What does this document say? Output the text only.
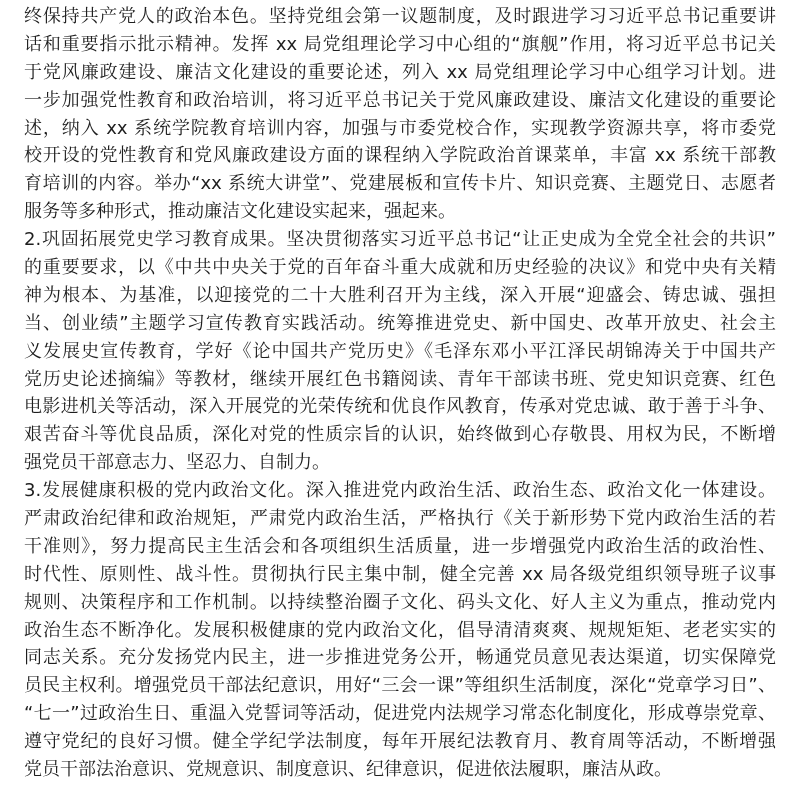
终保持共产党人的政治本色。坚持党组会第一议题制度，及时跟进学习习近平总书记重要讲
话和重要指示批示精神。发挥 xx 局党组理论学习中心组的“旗舰”作用，将习近平总书记关
于党风廉政建设、廉洁文化建设的重要论述，列入 xx 局党组理论学习中心组学习计划。进
一步加强党性教育和政治培训，将习近平总书记关于党风廉政建设、廉洁文化建设的重要论
述，纳入 xx 系统学院教育培训内容，加强与市委党校合作，实现教学资源共享，将市委党
校开设的党性教育和党风廉政建设方面的课程纳入学院政治首课菜单，丰富 xx 系统干部教
育培训的内容。举办“xx 系统大讲堂”、党建展板和宣传卡片、知识竞赛、主题党日、志愿者
服务等多种形式，推动廉洁文化建设实起来，强起来。
2.巩固拓展党史学习教育成果。坚决贯彻落实习近平总书记“让正史成为全党全社会的共识”
的重要要求，以《中共中央关于党的百年奋斗重大成就和历史经验的决议》和党中央有关精
神为根本、为基准，以迎接党的二十大胜利召开为主线，深入开展“迎盛会、铸忠诚、强担
当、创业绩”主题学习宣传教育实践活动。统筹推进党史、新中国史、改革开放史、社会主
义发展史宣传教育，学好《论中国共产党历史》《毛泽东邓小平江泽民胡锦涛关于中国共产
党历史论述摘编》等教材，继续开展红色书籍阅读、青年干部读书班、党史知识竞赛、红色
电影进机关等活动，深入开展党的光荣传统和优良作风教育，传承对党忠诚、敢于善于斗争、
艰苦奋斗等优良品质，深化对党的性质宗旨的认识，始终做到心存敬畏、用权为民，不断增
强党员干部意志力、坚忍力、自制力。
3.发展健康积极的党内政治文化。深入推进党内政治生活、政治生态、政治文化一体建设。
严肃政治纪律和政治规矩，严肃党内政治生活，严格执行《关于新形势下党内政治生活的若
干准则》，努力提高民主生活会和各项组织生活质量，进一步增强党内政治生活的政治性、
时代性、原则性、战斗性。贯彻执行民主集中制，健全完善 xx 局各级党组织领导班子议事
规则、决策程序和工作机制。以持续整治圈子文化、码头文化、好人主义为重点，推动党内
政治生态不断净化。发展积极健康的党内政治文化，倡导清清爽爽、规规矩矩、老老实实的
同志关系。充分发扬党内民主，进一步推进党务公开，畅通党员意见表达渠道，切实保障党
员民主权利。增强党员干部法纪意识，用好“三会一课”等组织生活制度，深化“党章学习日”、
“七一”过政治生日、重温入党誓词等活动，促进党内法规学习常态化制度化，形成尊崇党章、
遵守党纪的良好习惯。健全学纪学法制度，每年开展纪法教育月、教育周等活动，不断增强
党员干部法治意识、党规意识、制度意识、纪律意识，促进依法履职，廉洁从政。
